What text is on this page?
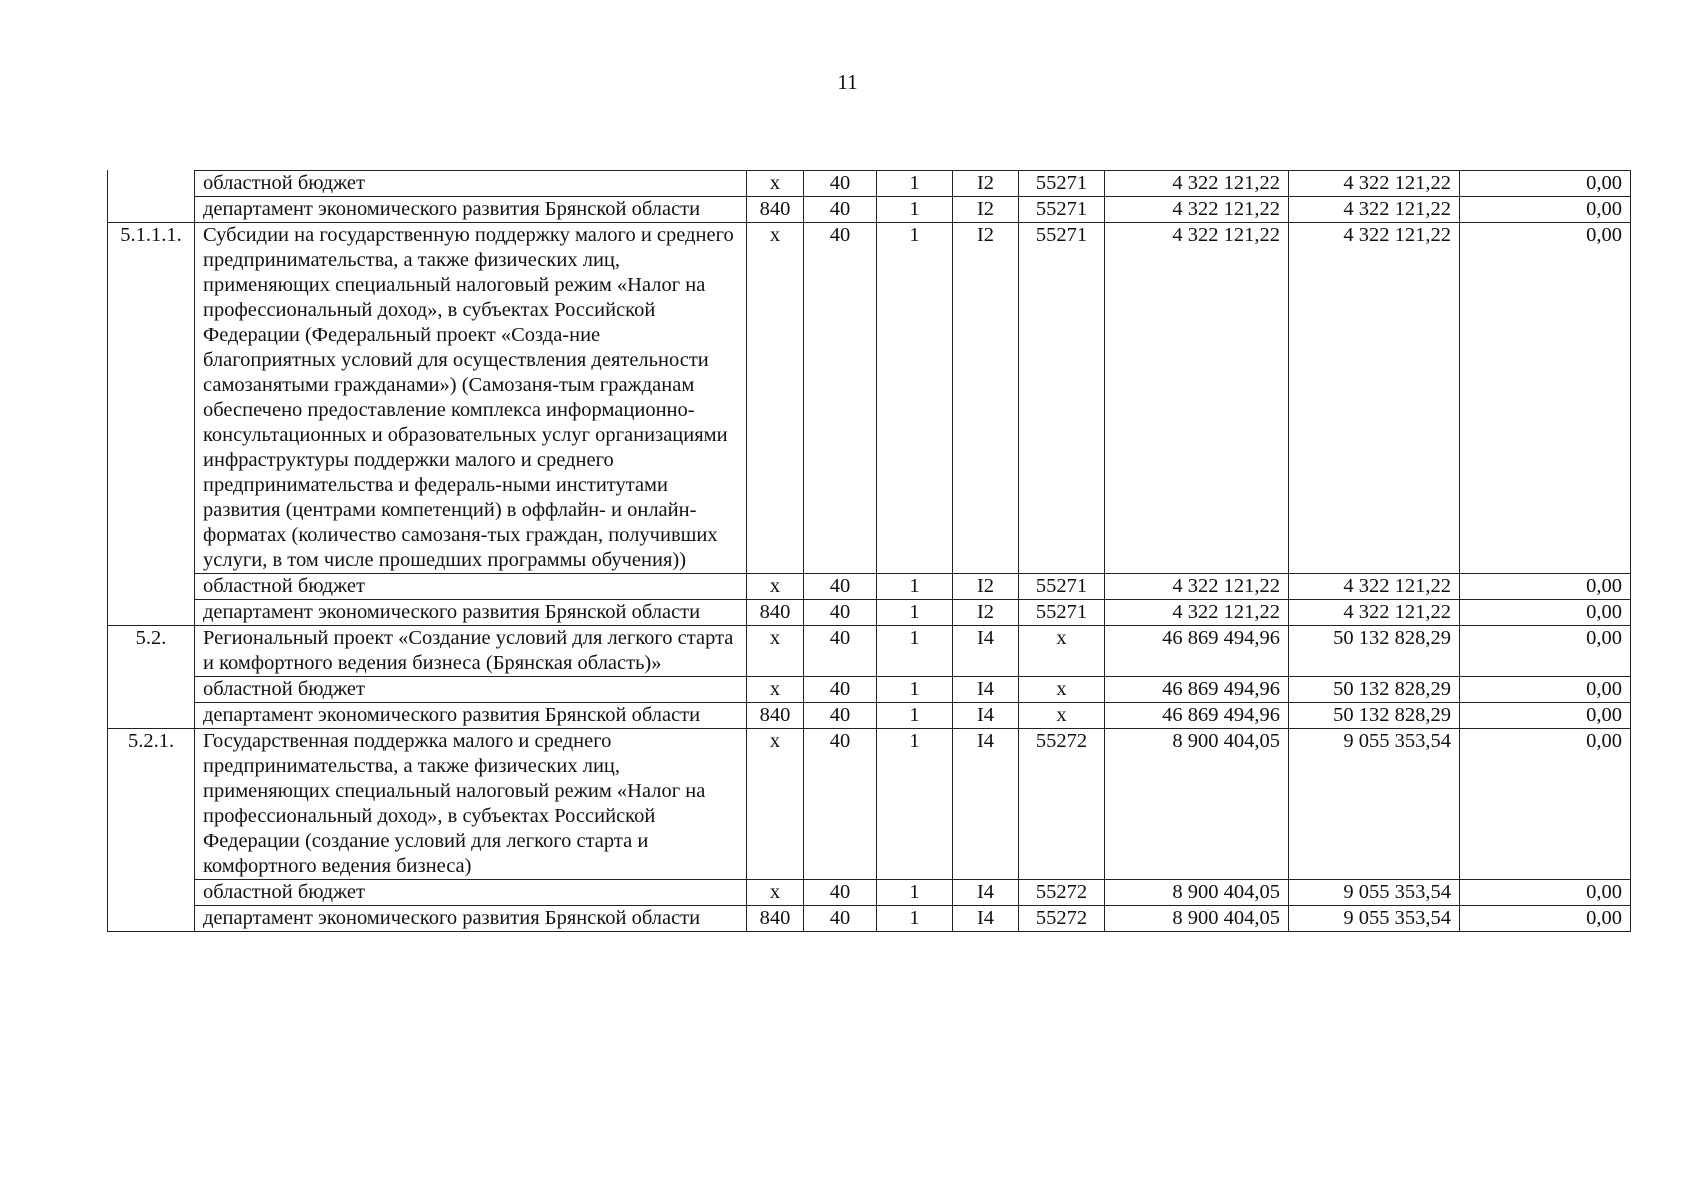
11
	областной бюджет	х	40	1	I2	55271	4 322 121,22	4 322 121,22	0,00
	департамент экономического развития Брянской области	840	40	1	I2	55271	4 322 121,22	4 322 121,22	0,00
5.1.1.1.	Субсидии на государственную поддержку малого и среднего предпринимательства, а также физических лиц, применяющих специальный налоговый режим «Налог на профессиональный доход», в субъектах Российской Федерации (Федеральный проект «Созда-ние благоприятных условий для осуществления деятельности самозанятыми гражданами») (Самозаня-тым гражданам обеспечено предоставление комплекса информационно-консультационных и образовательных услуг организациями инфраструктуры поддержки малого и среднего предпринимательства и федераль-ными институтами развития (центрами компетенций) в оффлайн- и онлайн-форматах (количество самозаня-тых граждан, получивших услуги, в том числе прошедших программы обучения))	х	40	1	I2	55271	4 322 121,22	4 322 121,22	0,00
	областной бюджет	х	40	1	I2	55271	4 322 121,22	4 322 121,22	0,00
	департамент экономического развития Брянской области	840	40	1	I2	55271	4 322 121,22	4 322 121,22	0,00
5.2.	Региональный проект «Создание условий для легкого старта и комфортного ведения бизнеса (Брянская область)»	х	40	1	I4	х	46 869 494,96	50 132 828,29	0,00
	областной бюджет	х	40	1	I4	х	46 869 494,96	50 132 828,29	0,00
	департамент экономического развития Брянской области	840	40	1	I4	х	46 869 494,96	50 132 828,29	0,00
5.2.1.	Государственная поддержка малого и среднего предпринимательства, а также физических лиц, применяющих специальный налоговый режим «Налог на профессиональный доход», в субъектах Российской Федерации (создание условий для легкого старта и комфортного ведения бизнеса)	х	40	1	I4	55272	8 900 404,05	9 055 353,54	0,00
	областной бюджет	х	40	1	I4	55272	8 900 404,05	9 055 353,54	0,00
	департамент экономического развития Брянской области	840	40	1	I4	55272	8 900 404,05	9 055 353,54	0,00
